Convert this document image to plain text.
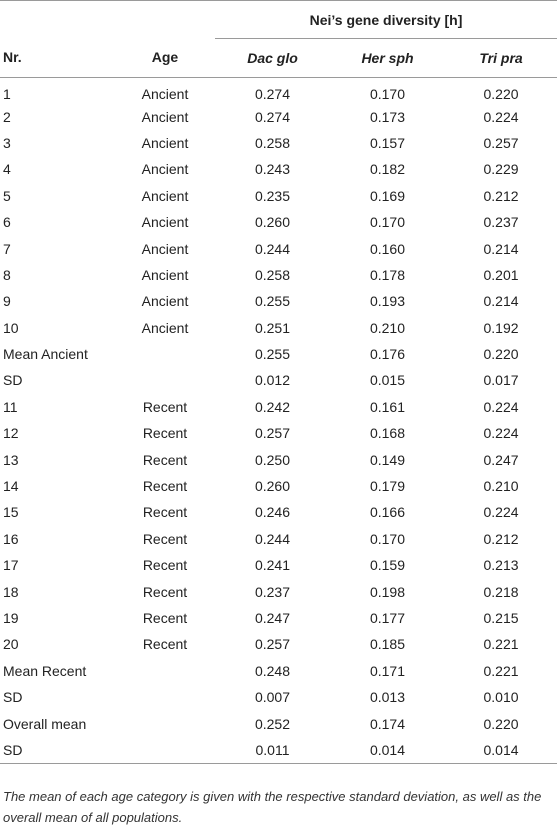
		Nei’s gene diversity [h]		
Nr.	Age	Dac glo	Her sph	Tri pra
1	Ancient	0.274	0.170	0.220
2	Ancient	0.274	0.173	0.224
3	Ancient	0.258	0.157	0.257
4	Ancient	0.243	0.182	0.229
5	Ancient	0.235	0.169	0.212
6	Ancient	0.260	0.170	0.237
7	Ancient	0.244	0.160	0.214
8	Ancient	0.258	0.178	0.201
9	Ancient	0.255	0.193	0.214
10	Ancient	0.251	0.210	0.192
Mean Ancient		0.255	0.176	0.220
SD		0.012	0.015	0.017
11	Recent	0.242	0.161	0.224
12	Recent	0.257	0.168	0.224
13	Recent	0.250	0.149	0.247
14	Recent	0.260	0.179	0.210
15	Recent	0.246	0.166	0.224
16	Recent	0.244	0.170	0.212
17	Recent	0.241	0.159	0.213
18	Recent	0.237	0.198	0.218
19	Recent	0.247	0.177	0.215
20	Recent	0.257	0.185	0.221
Mean Recent		0.248	0.171	0.221
SD		0.007	0.013	0.010
Overall mean		0.252	0.174	0.220
SD		0.011	0.014	0.014
The mean of each age category is given with the respective standard deviation, as well as the overall mean of all populations.
